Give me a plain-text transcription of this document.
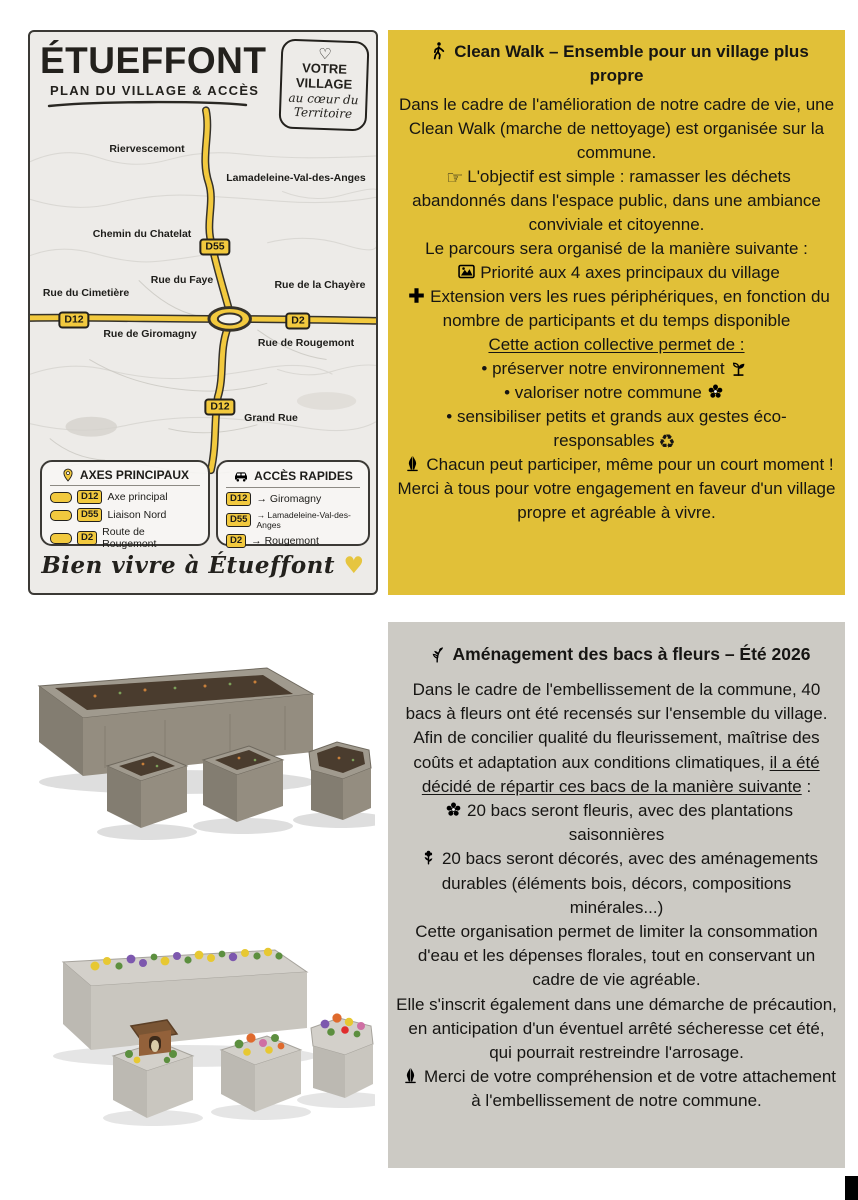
ÉTUEFFONT
PLAN DU VILLAGE & ACCÈS
♡
VOTRE
VILLAGE
au cœur du
Territoire
Riervescemont
Lamadeleine-Val-des-Anges
Chemin du Chatelat
Rue du Faye
Rue du Cimetière
Rue de la Chayère
Rue de Giromagny
Rue de Rougemont
Grand Rue
D55
D12	D2
D12
AXES PRINCIPAUX
D12 Axe principal
D55 Liaison Nord
D2 Route de Rougemont
ACCÈS RAPIDES
D12 → Giromagny
D55	→ Lamadeleine-Val-des-Anges
D2 → Rougemont
Bien vivre à Étueffont ♥
Clean Walk – Ensemble pour un village plus propre
Dans le cadre de l'amélioration de notre cadre de vie, une Clean Walk (marche de nettoyage) est organisée sur la commune.
☞ L'objectif est simple : ramasser les déchets abandonnés dans l'espace public, dans une ambiance conviviale et citoyenne.
Le parcours sera organisé de la manière suivante :
Priorité aux 4 axes principaux du village
Extension vers les rues périphériques, en fonction du nombre de participants et du temps disponible
Cette action collective permet de :
• préserver notre environnement
• valoriser notre commune
• sensibiliser petits et grands aux gestes éco-responsables ♻
Chacun peut participer, même pour un court moment !
Merci à tous pour votre engagement en faveur d'un village propre et agréable à vivre.
Aménagement des bacs à fleurs – Été 2026
Dans le cadre de l'embellissement de la commune, 40 bacs à fleurs ont été recensés sur l'ensemble du village.
Afin de concilier qualité du fleurissement, maîtrise des coûts et adaptation aux conditions climatiques, il a été décidé de répartir ces bacs de la manière suivante :
20 bacs seront fleuris, avec des plantations saisonnières
20 bacs seront décorés, avec des aménagements durables (éléments bois, décors, compositions minérales...)
Cette organisation permet de limiter la consommation d'eau et les dépenses florales, tout en conservant un cadre de vie agréable.
Elle s'inscrit également dans une démarche de précaution, en anticipation d'un éventuel arrêté sécheresse cet été, qui pourrait restreindre l'arrosage.
Merci de votre compréhension et de votre attachement à l'embellissement de notre commune.
